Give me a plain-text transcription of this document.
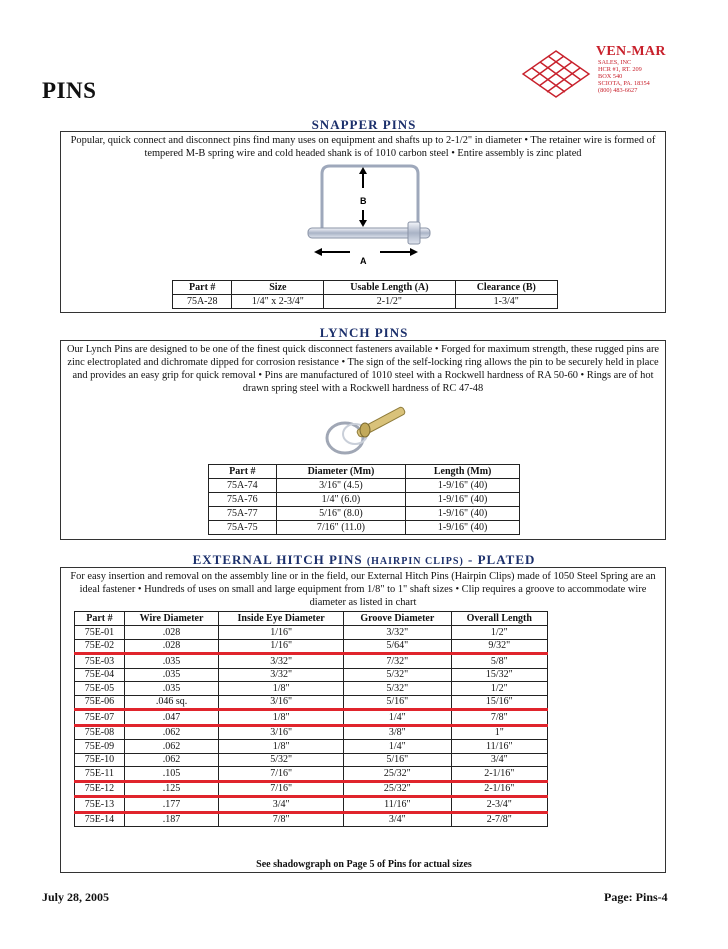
PINS
VEN-MAR
SALES, INC
HCR #1, RT. 209
BOX 540
SCIOTA, PA. 18354
(800) 483-6627
SNAPPER PINS
Popular, quick connect and disconnect pins find many uses on equipment and shafts up to 2-1/2" in diameter • The retainer wire is formed of tempered M-B spring wire and cold headed shank is of 1010 carbon steel • Entire assembly is zinc plated
B
A
Part #	Size	Usable Length (A)	Clearance (B)
75A-28	1/4" x 2-3/4"	2-1/2"	1-3/4"
LYNCH PINS
Our Lynch Pins are designed to be one of the finest quick disconnect fasteners available • Forged for maximum strength, these rugged pins are zinc electroplated and dichromate dipped for corrosion resistance • The sign of the self-locking ring allows the pin to be securely held in place and provides an easy grip for quick removal • Pins are manufactured of 1010 steel with a Rockwell hardness of RA 50-60 • Rings are of hot drawn spring steel with a Rockwell hardness of RC 47-48
Part #	Diameter (Mm)	Length (Mm)
75A-74	3/16" (4.5)	1-9/16" (40)
75A-76	1/4" (6.0)	1-9/16" (40)
75A-77	5/16" (8.0)	1-9/16" (40)
75A-75	7/16" (11.0)	1-9/16" (40)
EXTERNAL HITCH PINS (HAIRPIN CLIPS) - PLATED
For easy insertion and removal on the assembly line or in the field, our External Hitch Pins (Hairpin Clips) made of 1050 Steel Spring are an ideal fastener • Hundreds of uses on small and large equipment from 1/8" to 1" shaft sizes • Clip requires a groove to accommodate wire diameter as listed in chart
Part #	Wire Diameter	Inside Eye Diameter	Groove Diameter	Overall Length
75E-01	.028	1/16"	3/32"	1/2"
75E-02	.028	1/16"	5/64"	9/32"
75E-03	.035	3/32"	7/32"	5/8"
75E-04	.035	3/32"	5/32"	15/32"
75E-05	.035	1/8"	5/32"	1/2"
75E-06	.046 sq.	3/16"	5/16"	15/16"
75E-07	.047	1/8"	1/4"	7/8"
75E-08	.062	3/16"	3/8"	1"
75E-09	.062	1/8"	1/4"	11/16"
75E-10	.062	5/32"	5/16"	3/4"
75E-11	.105	7/16"	25/32"	2-1/16"
75E-12	.125	7/16"	25/32"	2-1/16"
75E-13	.177	3/4"	11/16"	2-3/4"
75E-14	.187	7/8"	3/4"	2-7/8"
See shadowgraph on Page 5 of Pins for actual sizes
July 28, 2005	Page: Pins-4
